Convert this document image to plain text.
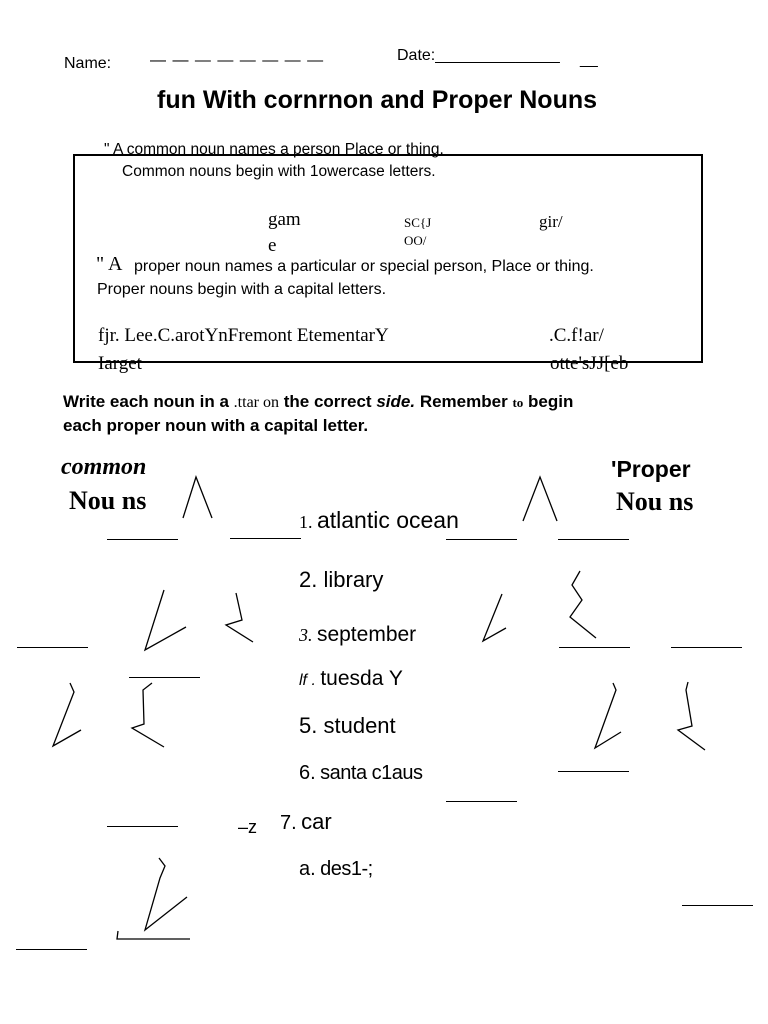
Name: — — — — — — — —	Date:______________ __
fun With cornrnon and Proper Nouns
" A common noun names a person Place or thing.
Common nouns begin with 1owercase letters.
gam
e
SC{J
OO/
gir/
" A proper noun names a particular or special person, Place or thing.
Proper nouns begin with a capital letters.
fjr. Lee.C.arotYnFremont EtementarY
Iarget
.C.f!ar/
otte'sJJ[eb
Write each noun in a .ttar on the correct side. Remember to begin
each proper noun with a capital letter.
common
Nou ns
'Proper
Nou ns
1. atlantic ocean
2. library
3. september
lf . tuesda Y
5. student
6. santa c1aus
7. car
a. des1-;
–z
